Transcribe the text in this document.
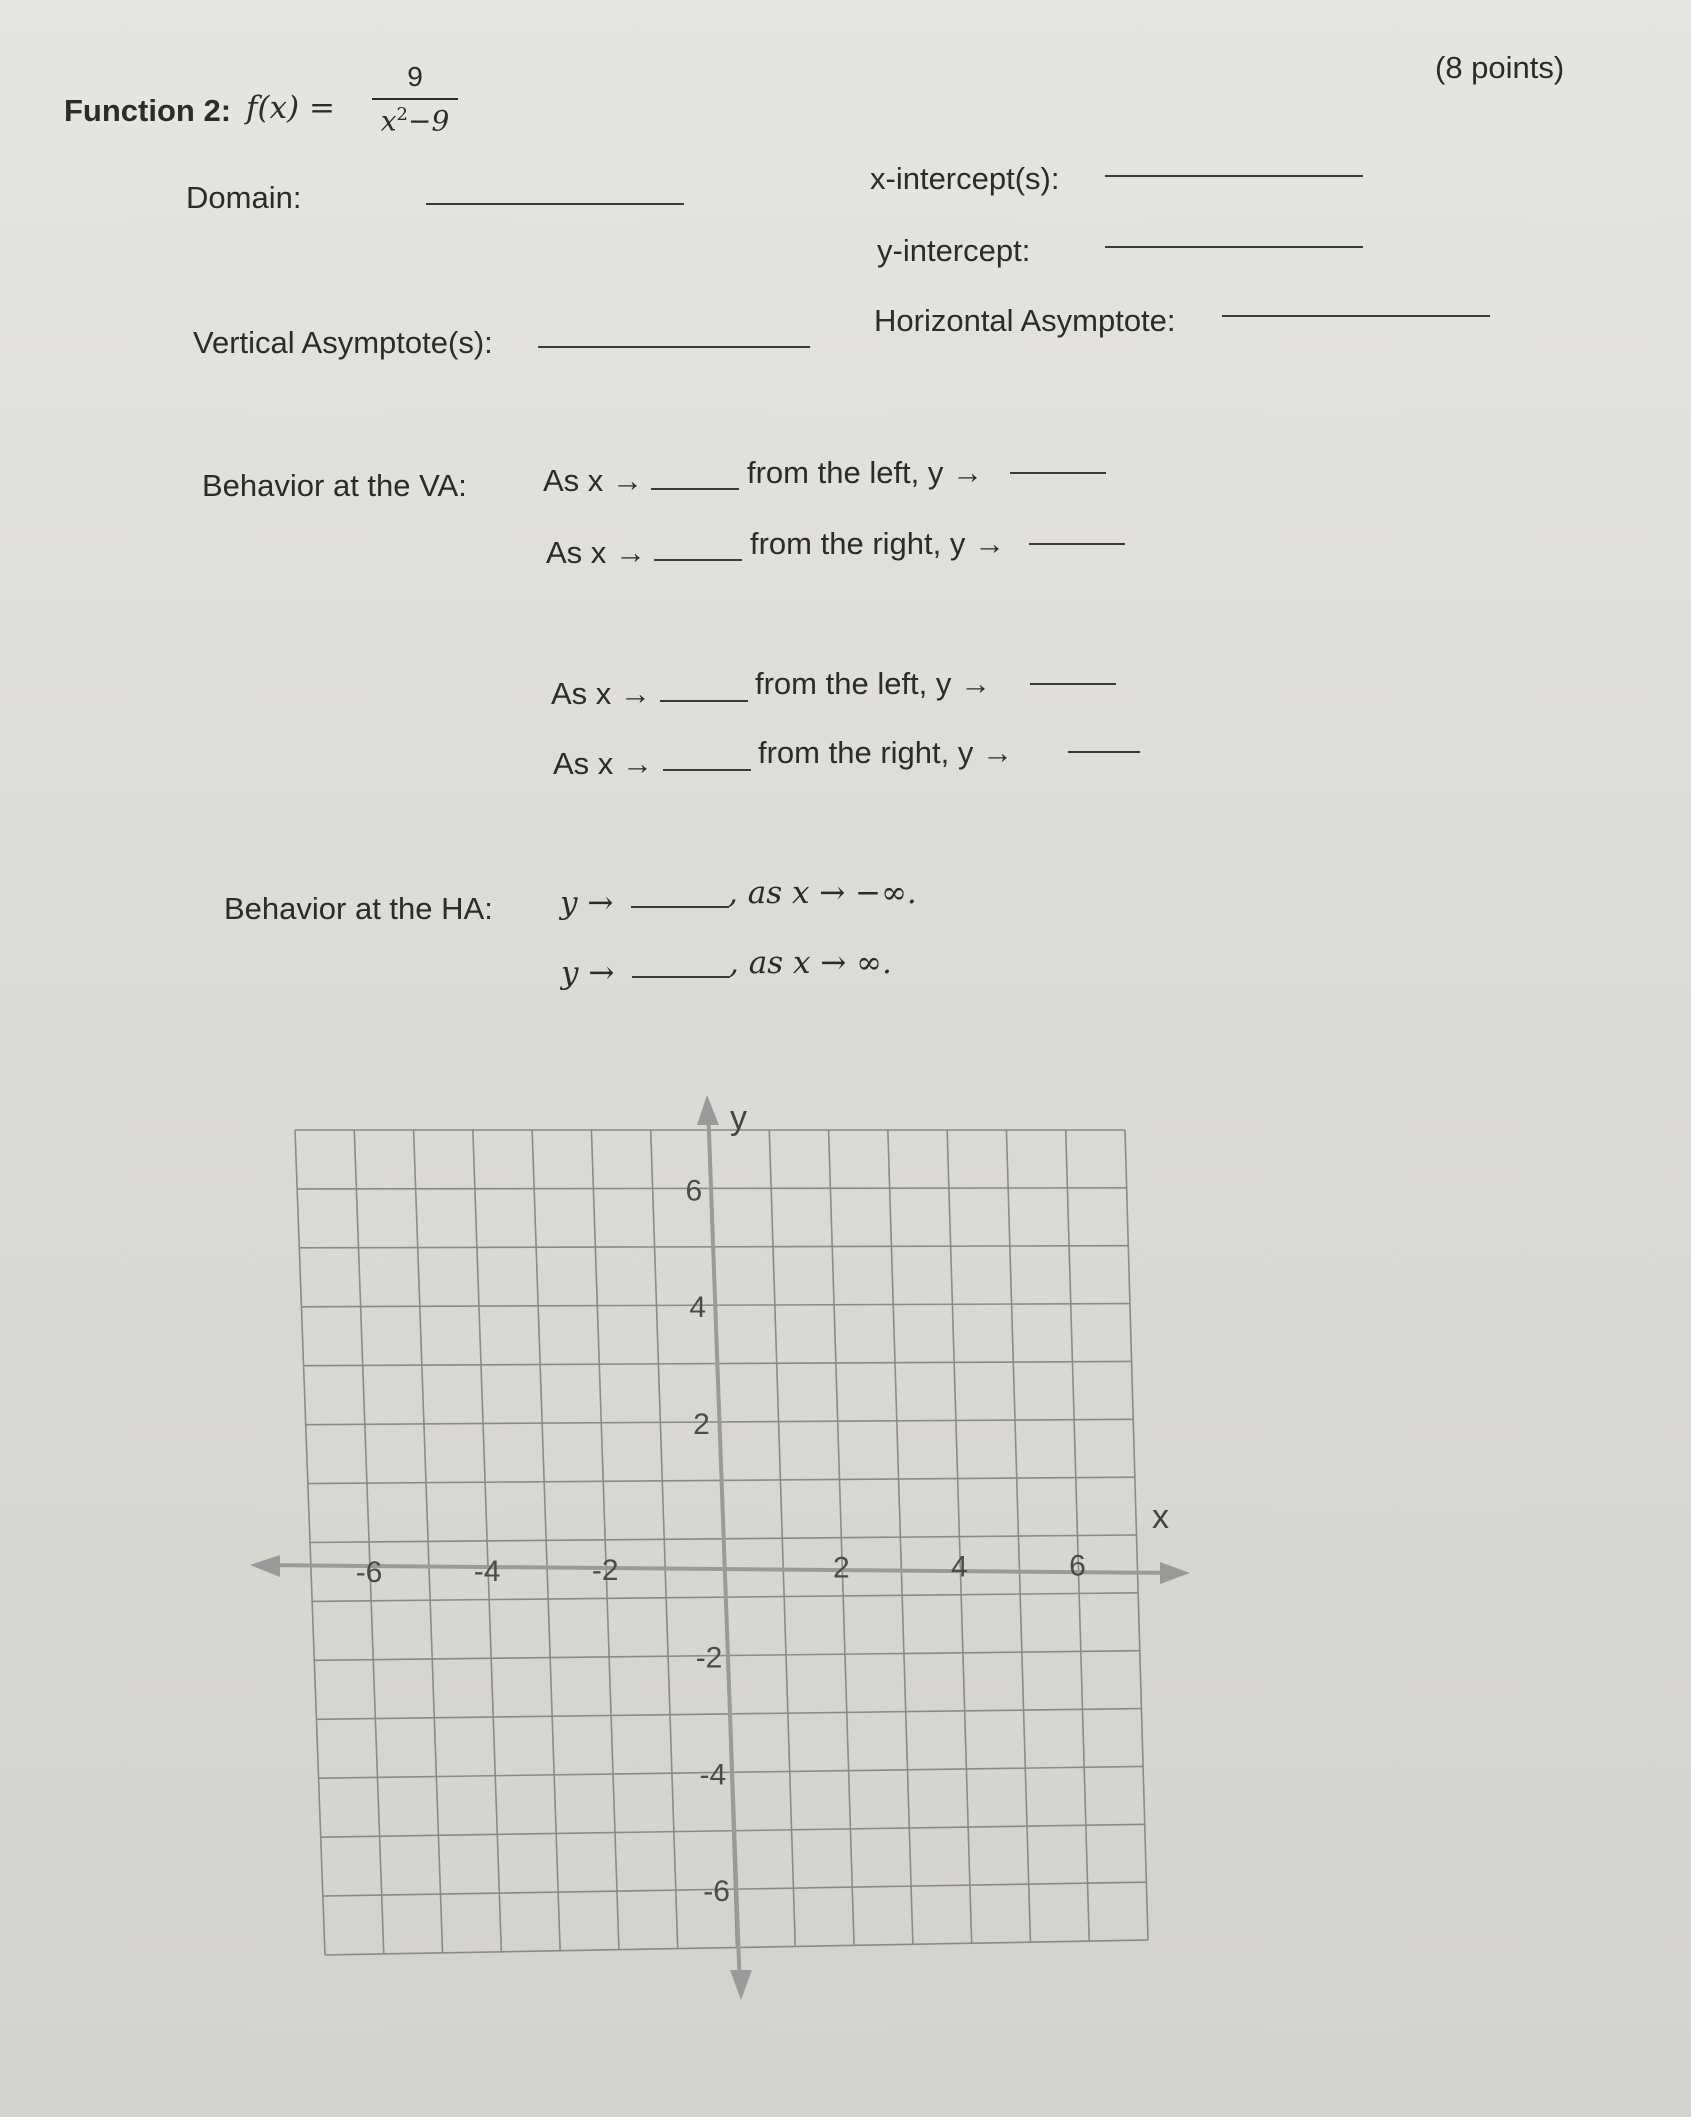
Function 2: f(x) =
9
$x^2-9$
(8 points)
Domain:
x-intercept(s):
y-intercept:
Vertical Asymptote(s):
Horizontal Asymptote:
Behavior at the VA: As x →	from the left, y →
As x →	from the right, y →
As x →	from the left, y →
As x →	from the right, y →
Behavior at the HA: y →	, as x → −∞.
y →	, as x → ∞.
y
x
-6	-4	-2	2	4	6
6
4
2
-2
-4
-6
